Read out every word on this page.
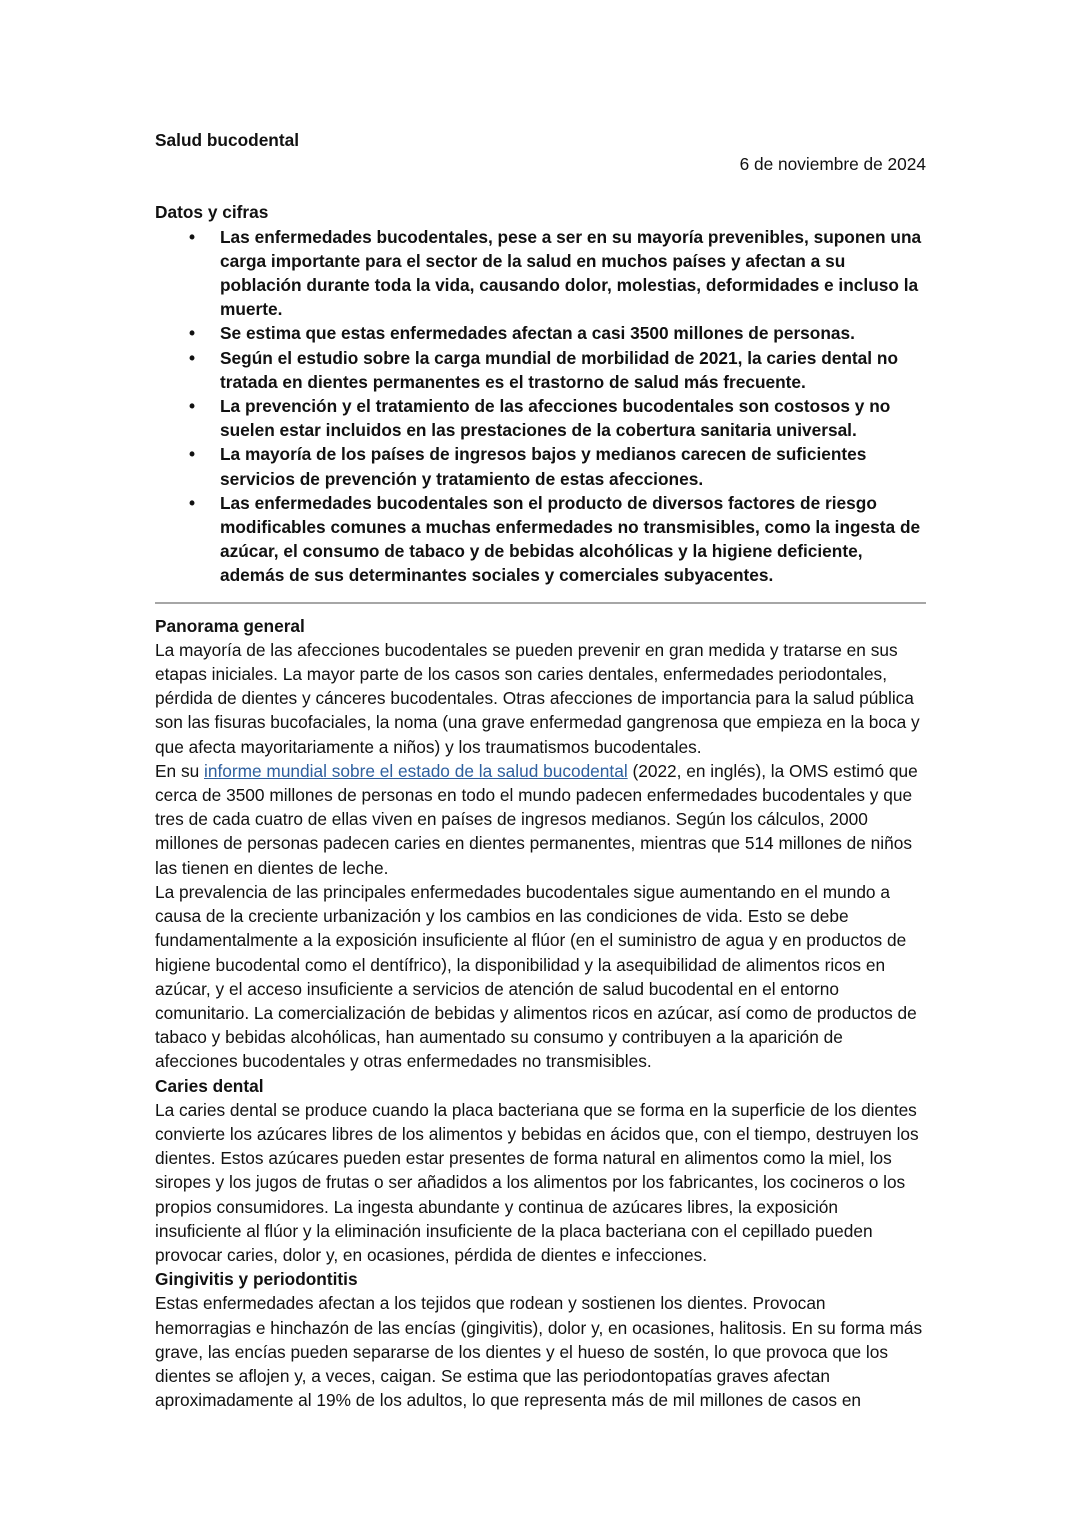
Salud bucodental

6 de noviembre de 2024

Datos y cifras

• Las enfermedades bucodentales, pese a ser en su mayoría prevenibles, suponen una carga importante para el sector de la salud en muchos países y afectan a su población durante toda la vida, causando dolor, molestias, deformidades e incluso la muerte.
• Se estima que estas enfermedades afectan a casi 3500 millones de personas.
• Según el estudio sobre la carga mundial de morbilidad de 2021, la caries dental no tratada en dientes permanentes es el trastorno de salud más frecuente.
• La prevención y el tratamiento de las afecciones bucodentales son costosos y no suelen estar incluidos en las prestaciones de la cobertura sanitaria universal.
• La mayoría de los países de ingresos bajos y medianos carecen de suficientes servicios de prevención y tratamiento de estas afecciones.
• Las enfermedades bucodentales son el producto de diversos factores de riesgo modificables comunes a muchas enfermedades no transmisibles, como la ingesta de azúcar, el consumo de tabaco y de bebidas alcohólicas y la higiene deficiente, además de sus determinantes sociales y comerciales subyacentes.

Panorama general

La mayoría de las afecciones bucodentales se pueden prevenir en gran medida y tratarse en sus etapas iniciales. La mayor parte de los casos son caries dentales, enfermedades periodontales, pérdida de dientes y cánceres bucodentales. Otras afecciones de importancia para la salud pública son las fisuras bucofaciales, la noma (una grave enfermedad gangrenosa que empieza en la boca y que afecta mayoritariamente a niños) y los traumatismos bucodentales.

En su informe mundial sobre el estado de la salud bucodental (2022, en inglés), la OMS estimó que cerca de 3500 millones de personas en todo el mundo padecen enfermedades bucodentales y que tres de cada cuatro de ellas viven en países de ingresos medianos. Según los cálculos, 2000 millones de personas padecen caries en dientes permanentes, mientras que 514 millones de niños las tienen en dientes de leche.

La prevalencia de las principales enfermedades bucodentales sigue aumentando en el mundo a causa de la creciente urbanización y los cambios en las condiciones de vida. Esto se debe fundamentalmente a la exposición insuficiente al flúor (en el suministro de agua y en productos de higiene bucodental como el dentífrico), la disponibilidad y la asequibilidad de alimentos ricos en azúcar, y el acceso insuficiente a servicios de atención de salud bucodental en el entorno comunitario. La comercialización de bebidas y alimentos ricos en azúcar, así como de productos de tabaco y bebidas alcohólicas, han aumentado su consumo y contribuyen a la aparición de afecciones bucodentales y otras enfermedades no transmisibles.

Caries dental

La caries dental se produce cuando la placa bacteriana que se forma en la superficie de los dientes convierte los azúcares libres de los alimentos y bebidas en ácidos que, con el tiempo, destruyen los dientes. Estos azúcares pueden estar presentes de forma natural en alimentos como la miel, los siropes y los jugos de frutas o ser añadidos a los alimentos por los fabricantes, los cocineros o los propios consumidores. La ingesta abundante y continua de azúcares libres, la exposición insuficiente al flúor y la eliminación insuficiente de la placa bacteriana con el cepillado pueden provocar caries, dolor y, en ocasiones, pérdida de dientes e infecciones.

Gingivitis y periodontitis

Estas enfermedades afectan a los tejidos que rodean y sostienen los dientes. Provocan hemorragias e hinchazón de las encías (gingivitis), dolor y, en ocasiones, halitosis. En su forma más grave, las encías pueden separarse de los dientes y el hueso de sostén, lo que provoca que los dientes se aflojen y, a veces, caigan. Se estima que las periodontopatías graves afectan aproximadamente al 19% de los adultos, lo que representa más de mil millones de casos en
